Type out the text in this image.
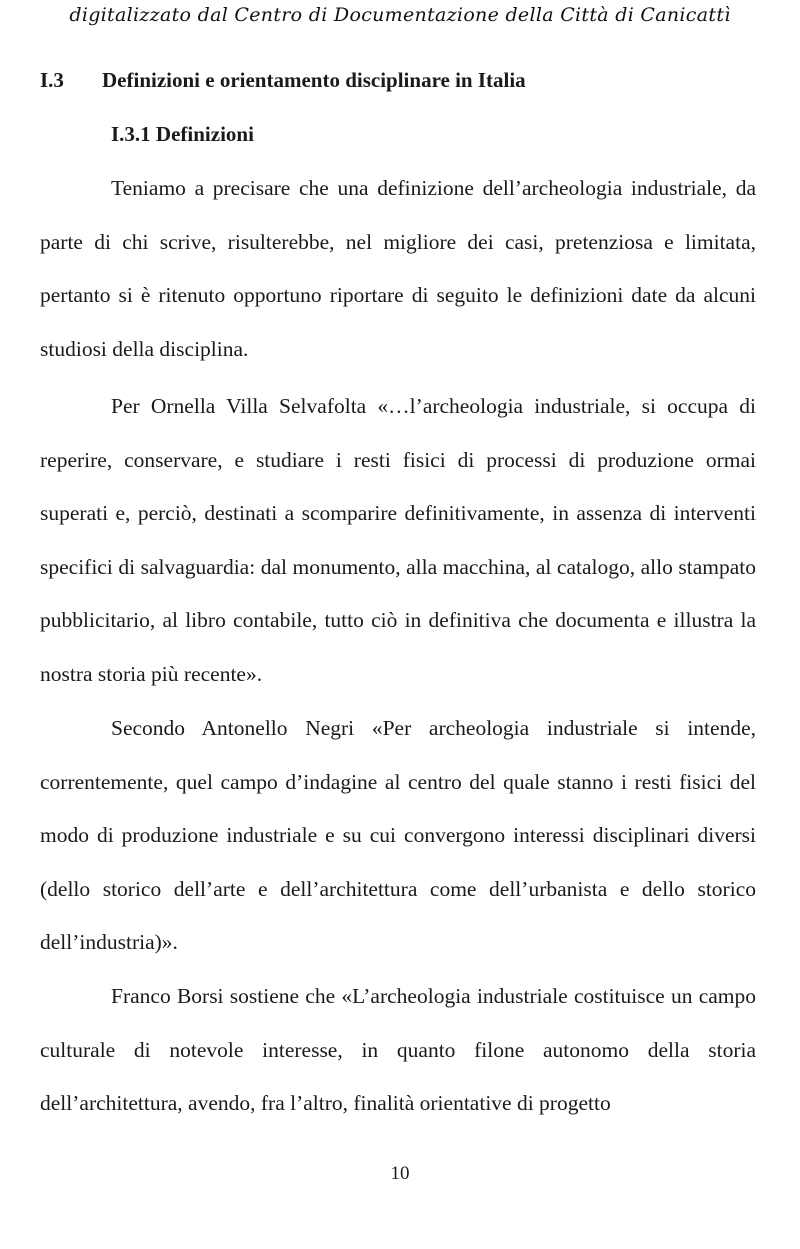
digitalizzato dal Centro di Documentazione della Città di Canicattì
I.3 Definizioni e orientamento disciplinare in Italia
I.3.1 Definizioni

Teniamo a precisare che una definizione dell’archeologia industriale, da parte di chi scrive, risulterebbe, nel migliore dei casi, pretenziosa e limitata, pertanto si è ritenuto opportuno riportare di seguito le definizioni date da alcuni studiosi della disciplina.

Per Ornella Villa Selvafolta «…l’archeologia industriale, si occupa di reperire, conservare, e studiare i resti fisici di processi di produzione ormai superati e, perciò, destinati a scomparire definitivamente, in assenza di interventi specifici di salvaguardia: dal monumento, alla macchina, al catalogo, allo stampato pubblicitario, al libro contabile, tutto ciò in definitiva che documenta e illustra la nostra storia più recente».

Secondo Antonello Negri «Per archeologia industriale si intende, correntemente, quel campo d’indagine al centro del quale stanno i resti fisici del modo di produzione industriale e su cui convergono interessi disciplinari diversi (dello storico dell’arte e dell’architettura come dell’urbanista e dello storico dell’industria)».

Franco Borsi sostiene che «L’archeologia industriale costituisce un campo culturale di notevole interesse, in quanto filone autonomo della storia dell’architettura, avendo, fra l’altro, finalità orientative di progetto

10
